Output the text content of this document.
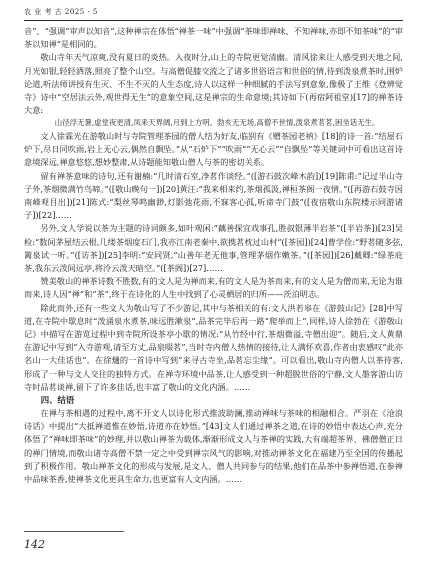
农 业 考 古 2025 · 5

音”、“强调“审声以知音”,这种禅宗在体悟“禅茶一味”中强调“茶味即禅味、不知禅味,亦即不知茶味”的“审茶以知禅”是相同的。

敬山寺年天气凉爽,没有夏日的炎热。入夜时分,山上的寺院更觉清幽。清风徐来让人感受到天地之间,月光如银,轻轻洒落,照亮了整个山空。与高僧促膝交流之了诸多世俗语言和世俗的情,待到泼泉煮茶时,围炉论道,听法师讲授有生灭、不生不灭的人生态度,诗人以这样一种细腻的手法写到意象,像极了王维《登辨觉寺》诗中“空居法云外,观世得无生”的意象空间,这是禅宗的生命意境;其诗如下(再宿阿祖堂)[17]的禅茶诗大意:

山径浮无暑,虚堂夜更清,凤来天界阔,月到上方明。勃亥无无场,高僧不世情,泼泉煮茗茗,困坐话无生。

文人徐霖光在游敬山时与寺院管理茶园的僧人结为好友,临别有《赠茶园老衲》[18]的诗一首:“结屋石炉下,尽日同吹雨,岩上无心云,偶然自飘坠。”从“石炉下”“吹雨”“无心云”“自飘坠”等关键词中可看出这首诗意境深远,禅意悠悠,想妙整肃,从诗题能知敬山僧人与茶的密切关系。

留有禅茶意味的诗句,还有谢楠:“几时清石室,净茗作谈经。”([游石鼓次峰木韵])[19]陈甫:“记过半山寺子外,茶烟微满竹鸟啼。”([敬山晚句一])[20]黄汪:“我来相来约,茶烟孤汲,禅桓茶阁一夜情。”([再游石鼓寺因南峰观目出])[21]陈式:“梨丝琴鸣幽渺,灯影弛花雨,不寐客心孤,听谛寺门鼓”([夜宿敬山东院楼示同游诸子])[22]……

另外,文人学说以茶为主题的诗词颇多,如叶观闲:“藕善探宜戏事孔,胜叔银薄半岩茶”([半岩茶])[23]吴检:“数间茅屋结云根,几缕茶烟度石门,我亦江南老秦中,欲携茗枕过山村”([茶园])[24]曹学佺:“野茗随多弦,篱泉试一听。”([访茶])[25]李明:“安同贤,“山善年老无他事,管理茅烟作嫩茶。”([茶园])[26]戴卿:“绿茶庇茶,我东云泼间远亭,将泠云泼天暗空。”([茶阁])[27]……

赞美敬山的禅茶诗数不胜数,有的文人是为禅而来,有的文人是为茶而来,有的文人是为僧而来,无论为谁而来,诗人因“禅”和“茶”,终于在诗化的人生中找到了心灵栖居的归所——茨泊明志。

除此而外,还有一些文人为敬山写了不少游记,其中与茶相关的有:文人洪若皋在《游鼓山记》[28]中写道,在寺院中歇息时“泼涌泉水煮茶,味远胜漱泉”,品茶完毕后再一路“爬举而上”,同样,诗人徐勃在《游敬山记》中描写在游览过程中到寺院所设茶亭小歇的情况:“从竹经中行,茶烟微溢,寺僧出迎”。随后,文人黄鼎在游记中写到“入寺游观,请至方丈,品泉啜茗”,当时寺内僧人热情的接待,让人满怀欢喜,作者由衷感叹“此亦名山一大佳话也”。在徐熥的一首诗中写到“来寻古寺坐,品茗忘尘缘”。可以看出,敬山寺内僧人以茶待客,形成了一种与文人交往的独特方式。在禅寺环境中品茶,让人感受到一种超脱世俗的宁静,文人墨客游山访寺时品茗谈禅,留下了许多佳话,也丰富了敬山的文化内涵。……

四、结语

在禅与茶相遇的过程中,离不开文人以诗化形式推波助澜,推动禅味与茶味的相融相合。严羽在《沧浪诗话》中提出“大抵禅道惟在妙悟,诗道亦在妙悟。”[43]文人们通过禅茶之道,在诗的妙悟中表达心声,充分体悟了“禅味即茶味”的妙理,并以敬山禅茶为载体,渐渐形成文人与茶禅的实践,大有端超茶界、佛僧僧正日的禅门情境,而敬山诸寺高僧不禁一定之中受到禅宗风气的影响,对推动禅茶文化在福建乃至全国的传播起到了积极作用。敬山禅茶文化的形成与发展,是文人、僧人共同参与的结果,他们在品茶中参禅悟道,在参禅中品味茶香,使禅茶文化更具生命力,也更富有人文内涵。……

142
